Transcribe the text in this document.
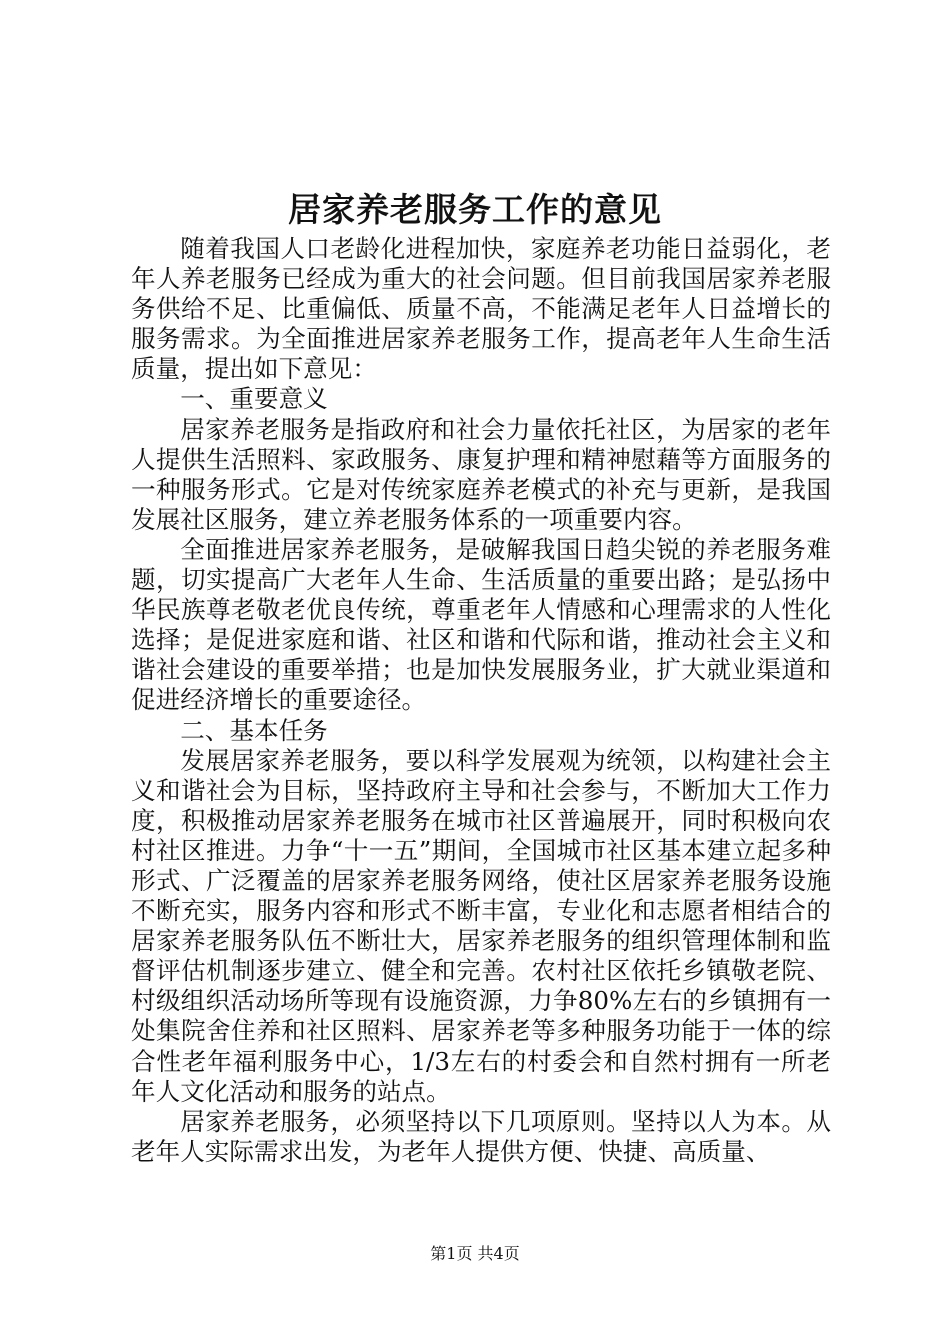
居家养老服务工作的意见

随着我国人口老龄化进程加快，家庭养老功能日益弱化，老年人养老服务已经成为重大的社会问题。但目前我国居家养老服务供给不足、比重偏低、质量不高，不能满足老年人日益增长的服务需求。为全面推进居家养老服务工作，提高老年人生命生活质量，提出如下意见：

一、重要意义

居家养老服务是指政府和社会力量依托社区，为居家的老年人提供生活照料、家政服务、康复护理和精神慰藉等方面服务的一种服务形式。它是对传统家庭养老模式的补充与更新，是我国发展社区服务，建立养老服务体系的一项重要内容。

全面推进居家养老服务，是破解我国日趋尖锐的养老服务难题，切实提高广大老年人生命、生活质量的重要出路；是弘扬中华民族尊老敬老优良传统，尊重老年人情感和心理需求的人性化选择；是促进家庭和谐、社区和谐和代际和谐，推动社会主义和谐社会建设的重要举措；也是加快发展服务业，扩大就业渠道和促进经济增长的重要途径。

二、基本任务

发展居家养老服务，要以科学发展观为统领，以构建社会主义和谐社会为目标，坚持政府主导和社会参与，不断加大工作力度，积极推动居家养老服务在城市社区普遍展开，同时积极向农村社区推进。力争“十一五”期间，全国城市社区基本建立起多种形式、广泛覆盖的居家养老服务网络，使社区居家养老服务设施不断充实，服务内容和形式不断丰富，专业化和志愿者相结合的居家养老服务队伍不断壮大，居家养老服务的组织管理体制和监督评估机制逐步建立、健全和完善。农村社区依托乡镇敬老院、村级组织活动场所等现有设施资源，力争80%左右的乡镇拥有一处集院舍住养和社区照料、居家养老等多种服务功能于一体的综合性老年福利服务中心，1/3左右的村委会和自然村拥有一所老年人文化活动和服务的站点。

居家养老服务，必须坚持以下几项原则。坚持以人为本。从老年人实际需求出发，为老年人提供方便、快捷、高质量、

第1页 共4页
